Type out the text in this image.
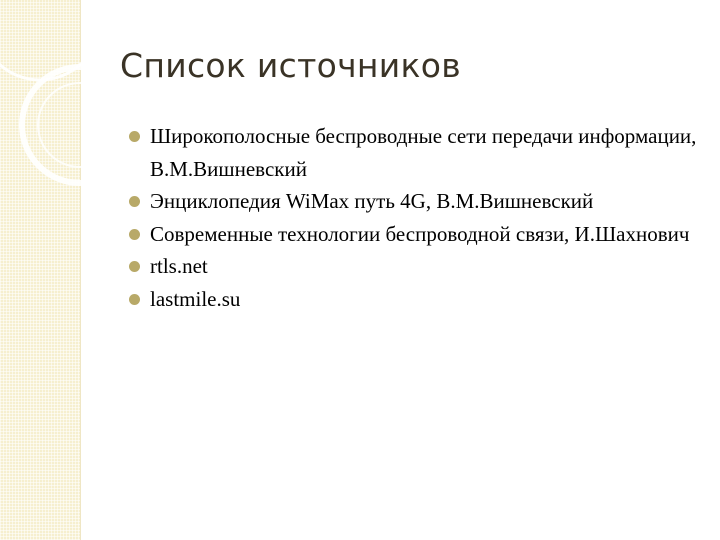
Список источников
Широкополосные беспроводные сети передачи информации, В.М.Вишневский
Энциклопедия WiMax путь 4G, В.М.Вишневский
Современные технологии беспроводной связи, И.Шахнович
rtls.net
lastmile.su
